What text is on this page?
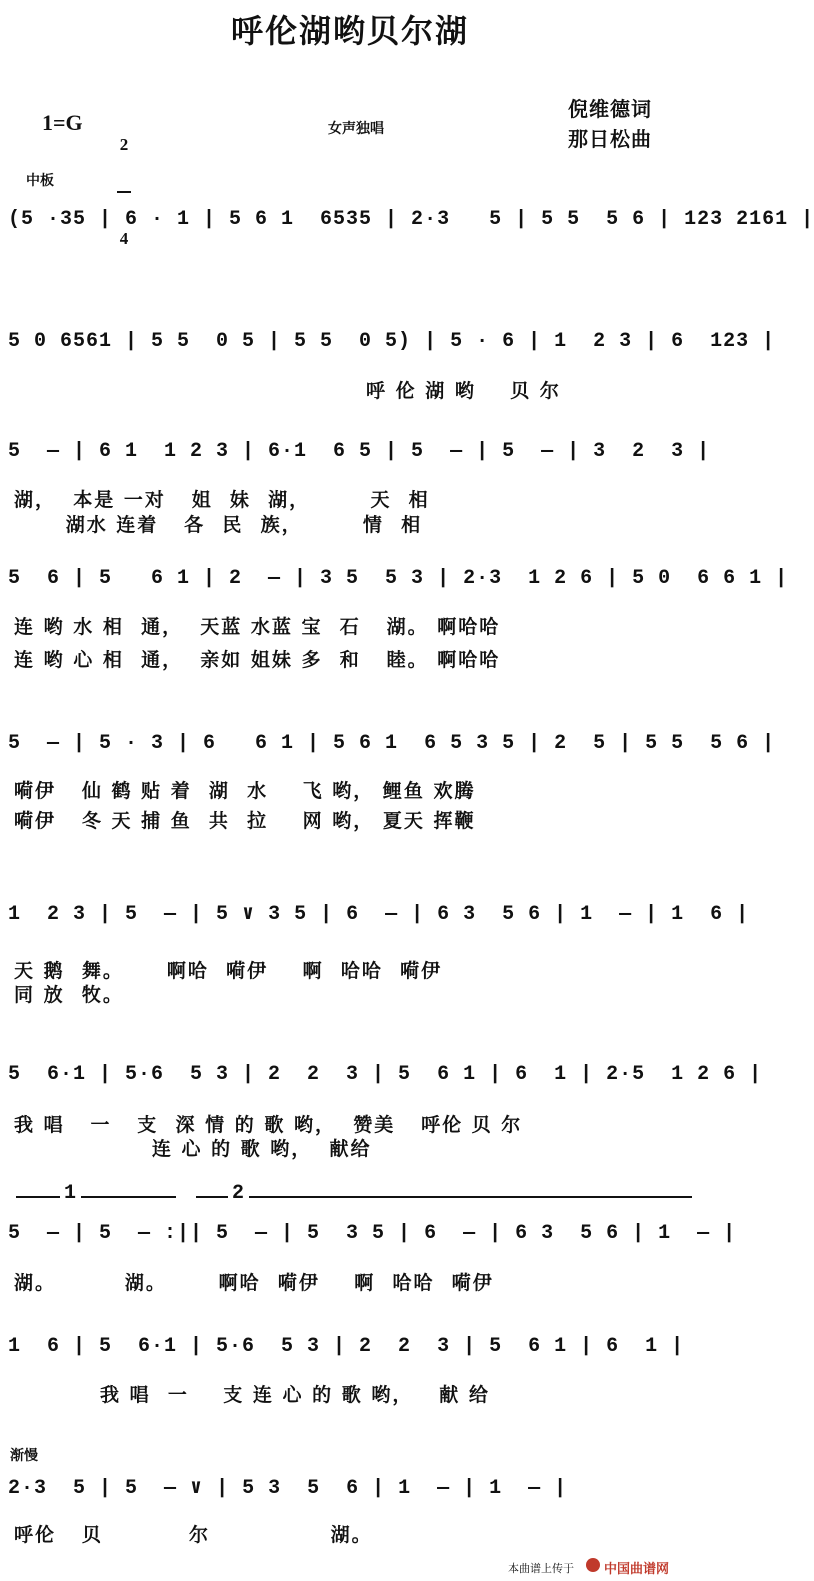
呼伦湖哟贝尔湖
1=G

2

4

女声独唱
倪维德词
那日松曲
中板
(5 ·35 | 6 · 1 | 5 6 1  6535 | 2·3   5 | 5 5  5 6 | 123 2161 |
5 0 6561 | 5 5  0 5 | 5 5  0 5) | 5 · 6 | 1  2 3 | 6  123 |
呼 伦 湖 哟    贝 尔
5  — | 6 1  1 2 3 | 6·1  6 5 | 5  — | 5  — | 3  2  3 |
湖，  本是 一对   姐  妹  湖，       天  相
湖水 连着   各  民  族，       情  相
5  6 | 5   6 1 | 2  — | 3 5  5 3 | 2·3  1 2 6 | 5 0  6 6 1 |
连 哟 水 相  通，  天蓝 水蓝 宝  石   湖。 啊哈哈
连 哟 心 相  通，  亲如 姐妹 多  和   睦。 啊哈哈
5  — | 5 · 3 | 6   6 1 | 5 6 1  6 5 3 5 | 2  5 | 5 5  5 6 |
嗬伊   仙 鹤 贴 着  湖  水    飞 哟， 鲤鱼 欢腾
嗬伊   冬 天 捕 鱼  共  拉    网 哟， 夏天 挥鞭
1  2 3 | 5  — | 5 ∨ 3 5 | 6  — | 6 3  5 6 | 1  — | 1  6 |
天 鹅  舞。     啊哈  嗬伊    啊  哈哈  嗬伊
同 放  牧。
5  6·1 | 5·6  5 3 | 2  2  3 | 5  6 1 | 6  1 | 2·5  1 2 6 |
我 唱   一   支  深 情 的 歌 哟，  赞美   呼伦 贝 尔
连 心 的 歌 哟，  献给
1	2
5  — | 5  — :|| 5  — | 5  3 5 | 6  — | 6 3  5 6 | 1  — |
湖。        湖。      啊哈  嗬伊    啊  哈哈  嗬伊
1  6 | 5  6·1 | 5·6  5 3 | 2  2  3 | 5  6 1 | 6  1 |
我 唱  一    支 连 心 的 歌 哟，   献 给
渐慢
2·3  5 | 5  — ∨ | 5 3  5  6 | 1  — | 1  — |
呼伦   贝          尔              湖。
本曲谱上传于 中国曲谱网
